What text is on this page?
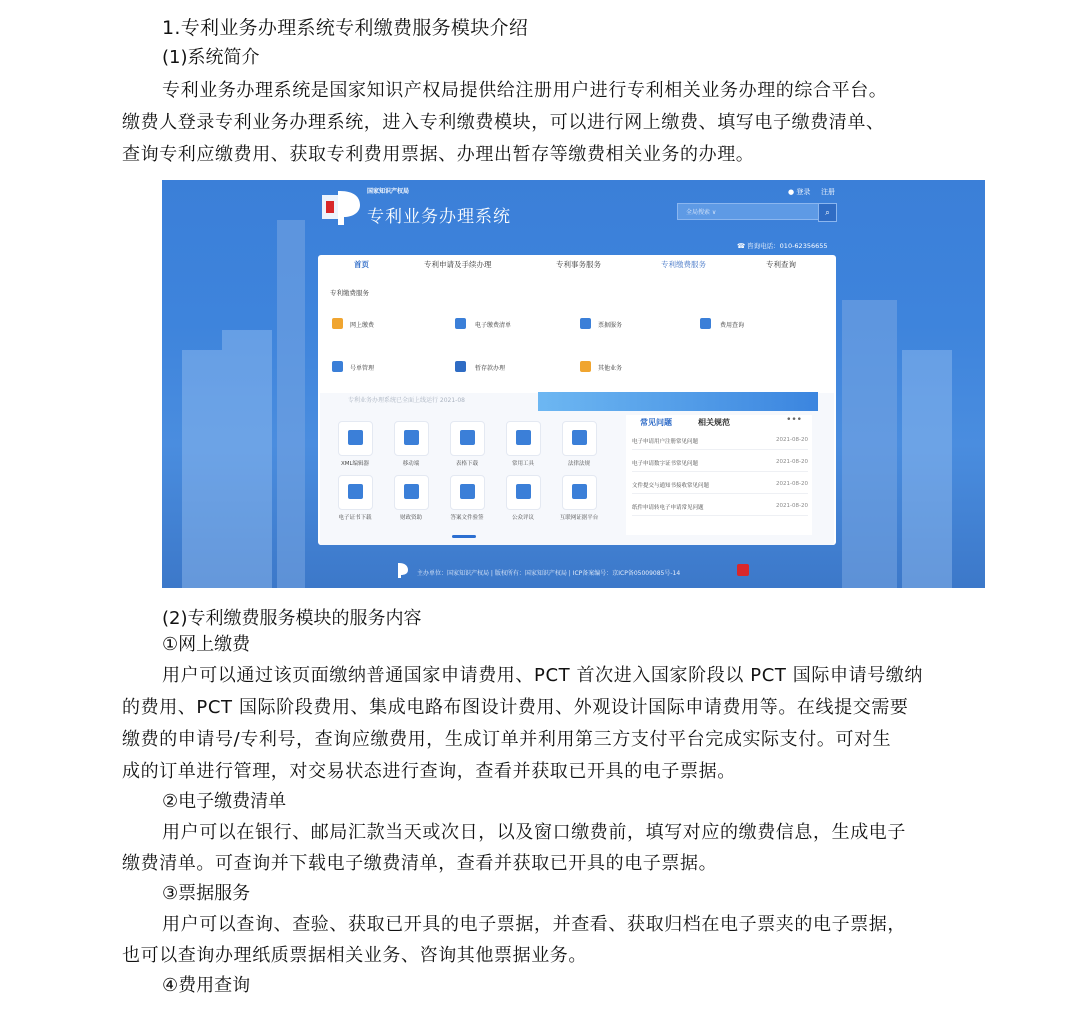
1.专利业务办理系统专利缴费服务模块介绍
(1)系统简介
专利业务办理系统是国家知识产权局提供给注册用户进行专利相关业务办理的综合平台。
缴费人登录专利业务办理系统，进入专利缴费模块，可以进行网上缴费、填写电子缴费清单、
查询专利应缴费用、获取专利费用票据、办理出暂存等缴费相关业务的办理。
国家知识产权局
专利业务办理系统
● 登录 注册
全局搜索 ∨	⌕
☎ 咨询电话：010-62356655
首页	专利申请及手续办理	专利事务服务	专利缴费服务	专利查询
专利缴费服务
网上缴费	电子缴费清单	票据服务	费用查询
号单管理	暂存款办理	其他业务
专利业务办理系统已全面上线运行 2021-08
XML编辑器	移动端	表格下载	常用工具	法律法规
电子证书下载	财政资助	答案文件验签	公众评议	互联网证据平台
常见问题	相关规范	•••
电子申请用户注册常见问题	2021-08-20
电子申请数字证书常见问题	2021-08-20
文件提交与通知书接收常见问题	2021-08-20
纸件申请转电子申请常见问题	2021-08-20
主办单位：国家知识产权局 | 版权所有：国家知识产权局 | ICP备案编号：京ICP备05009085号-14
(2)专利缴费服务模块的服务内容
①网上缴费
用户可以通过该页面缴纳普通国家申请费用、PCT 首次进入国家阶段以 PCT 国际申请号缴纳
的费用、PCT 国际阶段费用、集成电路布图设计费用、外观设计国际申请费用等。在线提交需要
缴费的申请号/专利号，查询应缴费用，生成订单并利用第三方支付平台完成实际支付。可对生
成的订单进行管理，对交易状态进行查询，查看并获取已开具的电子票据。
②电子缴费清单
用户可以在银行、邮局汇款当天或次日，以及窗口缴费前，填写对应的缴费信息，生成电子
缴费清单。可查询并下载电子缴费清单，查看并获取已开具的电子票据。
③票据服务
用户可以查询、查验、获取已开具的电子票据，并查看、获取归档在电子票夹的电子票据，
也可以查询办理纸质票据相关业务、咨询其他票据业务。
④费用查询
